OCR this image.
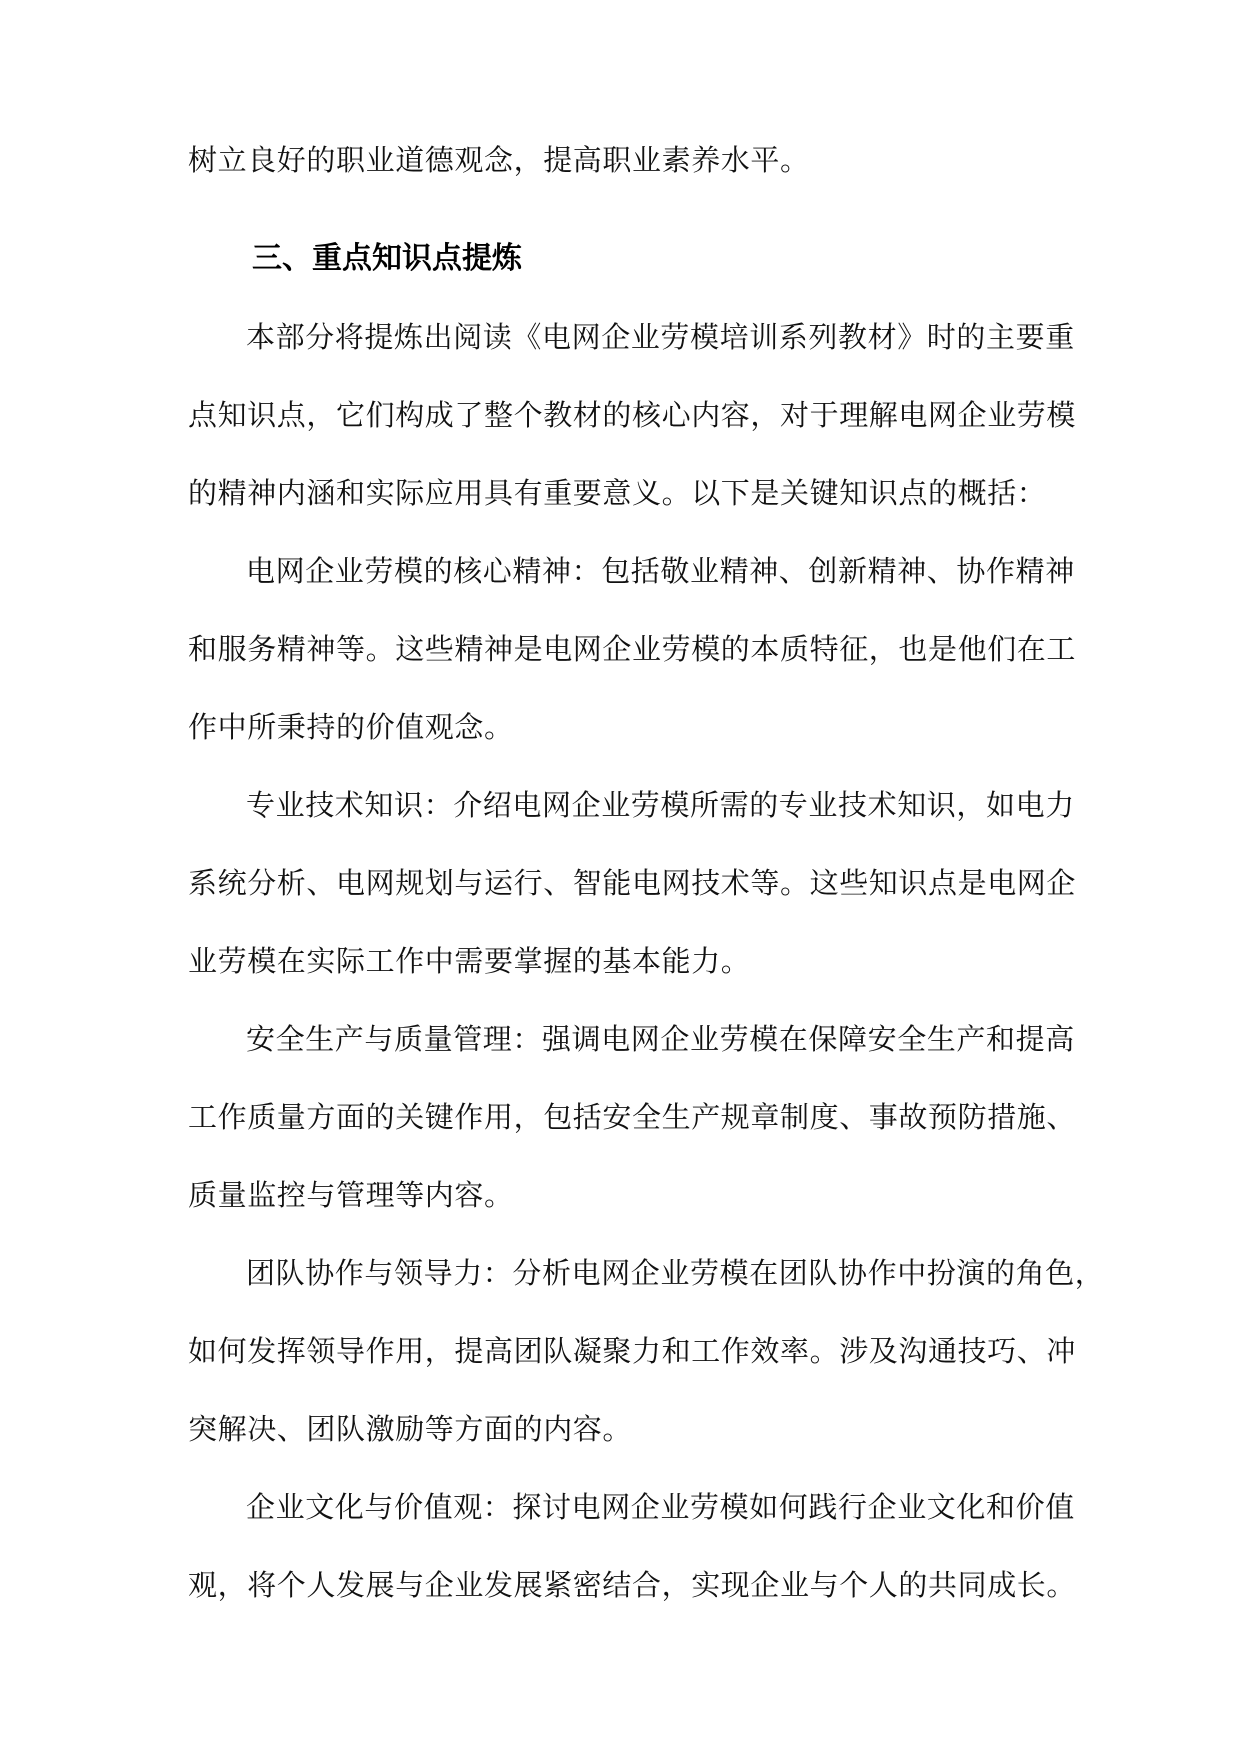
树立良好的职业道德观念，提高职业素养水平。

三、重点知识点提炼

本部分将提炼出阅读《电网企业劳模培训系列教材》时的主要重

点知识点，它们构成了整个教材的核心内容，对于理解电网企业劳模

的精神内涵和实际应用具有重要意义。以下是关键知识点的概括：

电网企业劳模的核心精神：包括敬业精神、创新精神、协作精神

和服务精神等。这些精神是电网企业劳模的本质特征，也是他们在工

作中所秉持的价值观念。

专业技术知识：介绍电网企业劳模所需的专业技术知识，如电力

系统分析、电网规划与运行、智能电网技术等。这些知识点是电网企

业劳模在实际工作中需要掌握的基本能力。

安全生产与质量管理：强调电网企业劳模在保障安全生产和提高

工作质量方面的关键作用，包括安全生产规章制度、事故预防措施、

质量监控与管理等内容。

团队协作与领导力：分析电网企业劳模在团队协作中扮演的角色，

如何发挥领导作用，提高团队凝聚力和工作效率。涉及沟通技巧、冲

突解决、团队激励等方面的内容。

企业文化与价值观：探讨电网企业劳模如何践行企业文化和价值

观，将个人发展与企业发展紧密结合，实现企业与个人的共同成长。
